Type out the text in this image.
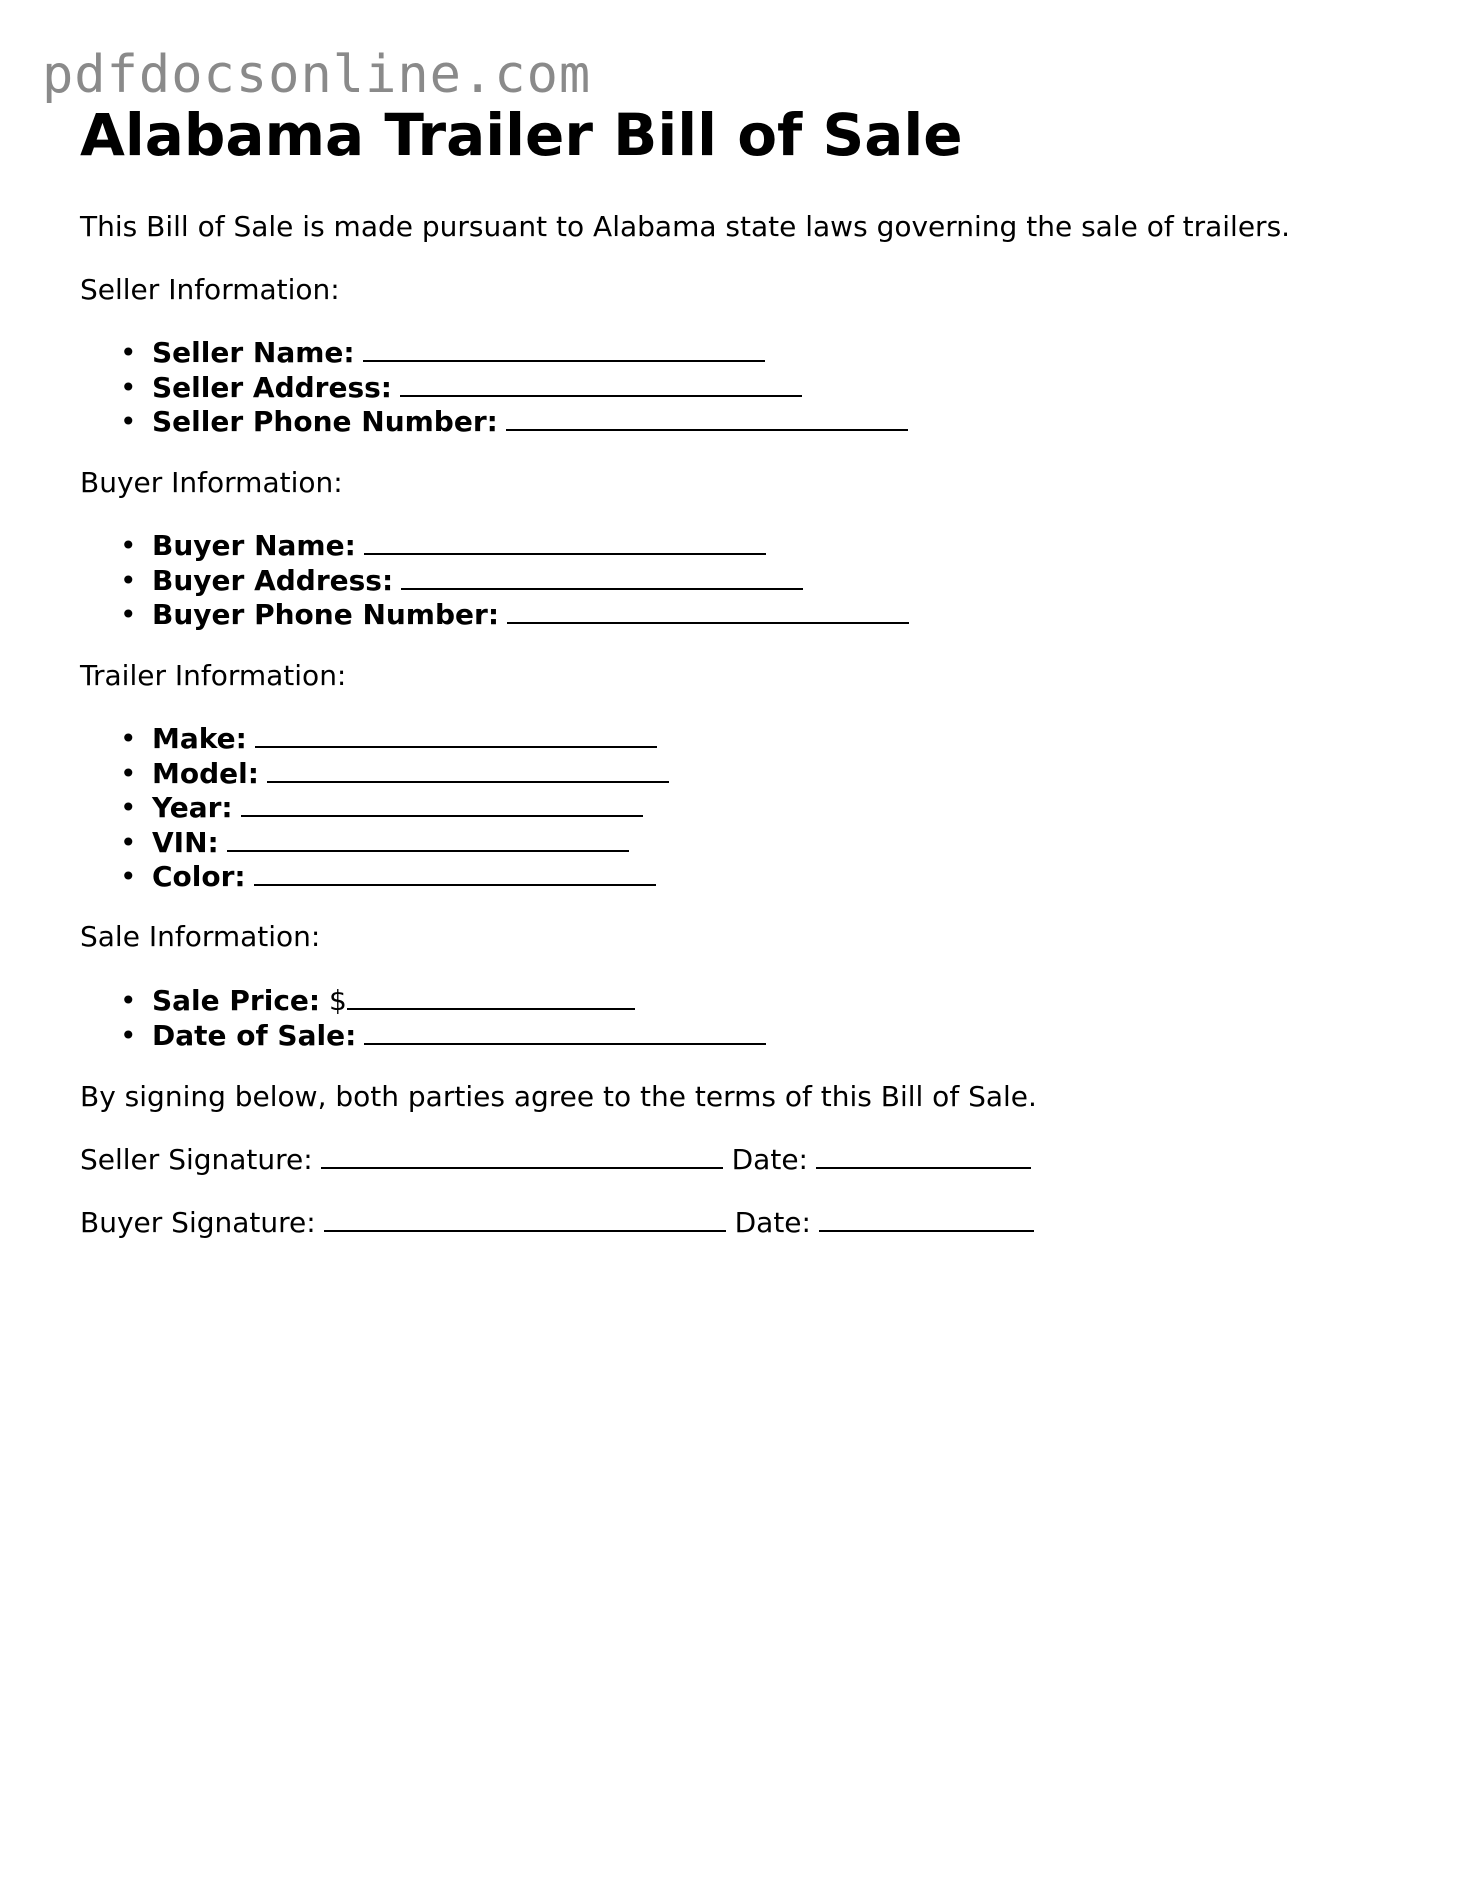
pdfdocsonline.com
Alabama Trailer Bill of Sale

This Bill of Sale is made pursuant to Alabama state laws governing the sale of trailers.

Seller Information:

• Seller Name:
• Seller Address:
• Seller Phone Number:

Buyer Information:

• Buyer Name:
• Buyer Address:
• Buyer Phone Number:

Trailer Information:

• Make:
• Model:
• Year:
• VIN:
• Color:

Sale Information:

• Sale Price: $
• Date of Sale:

By signing below, both parties agree to the terms of this Bill of Sale.

Seller Signature:	Date:

Buyer Signature:	Date:
